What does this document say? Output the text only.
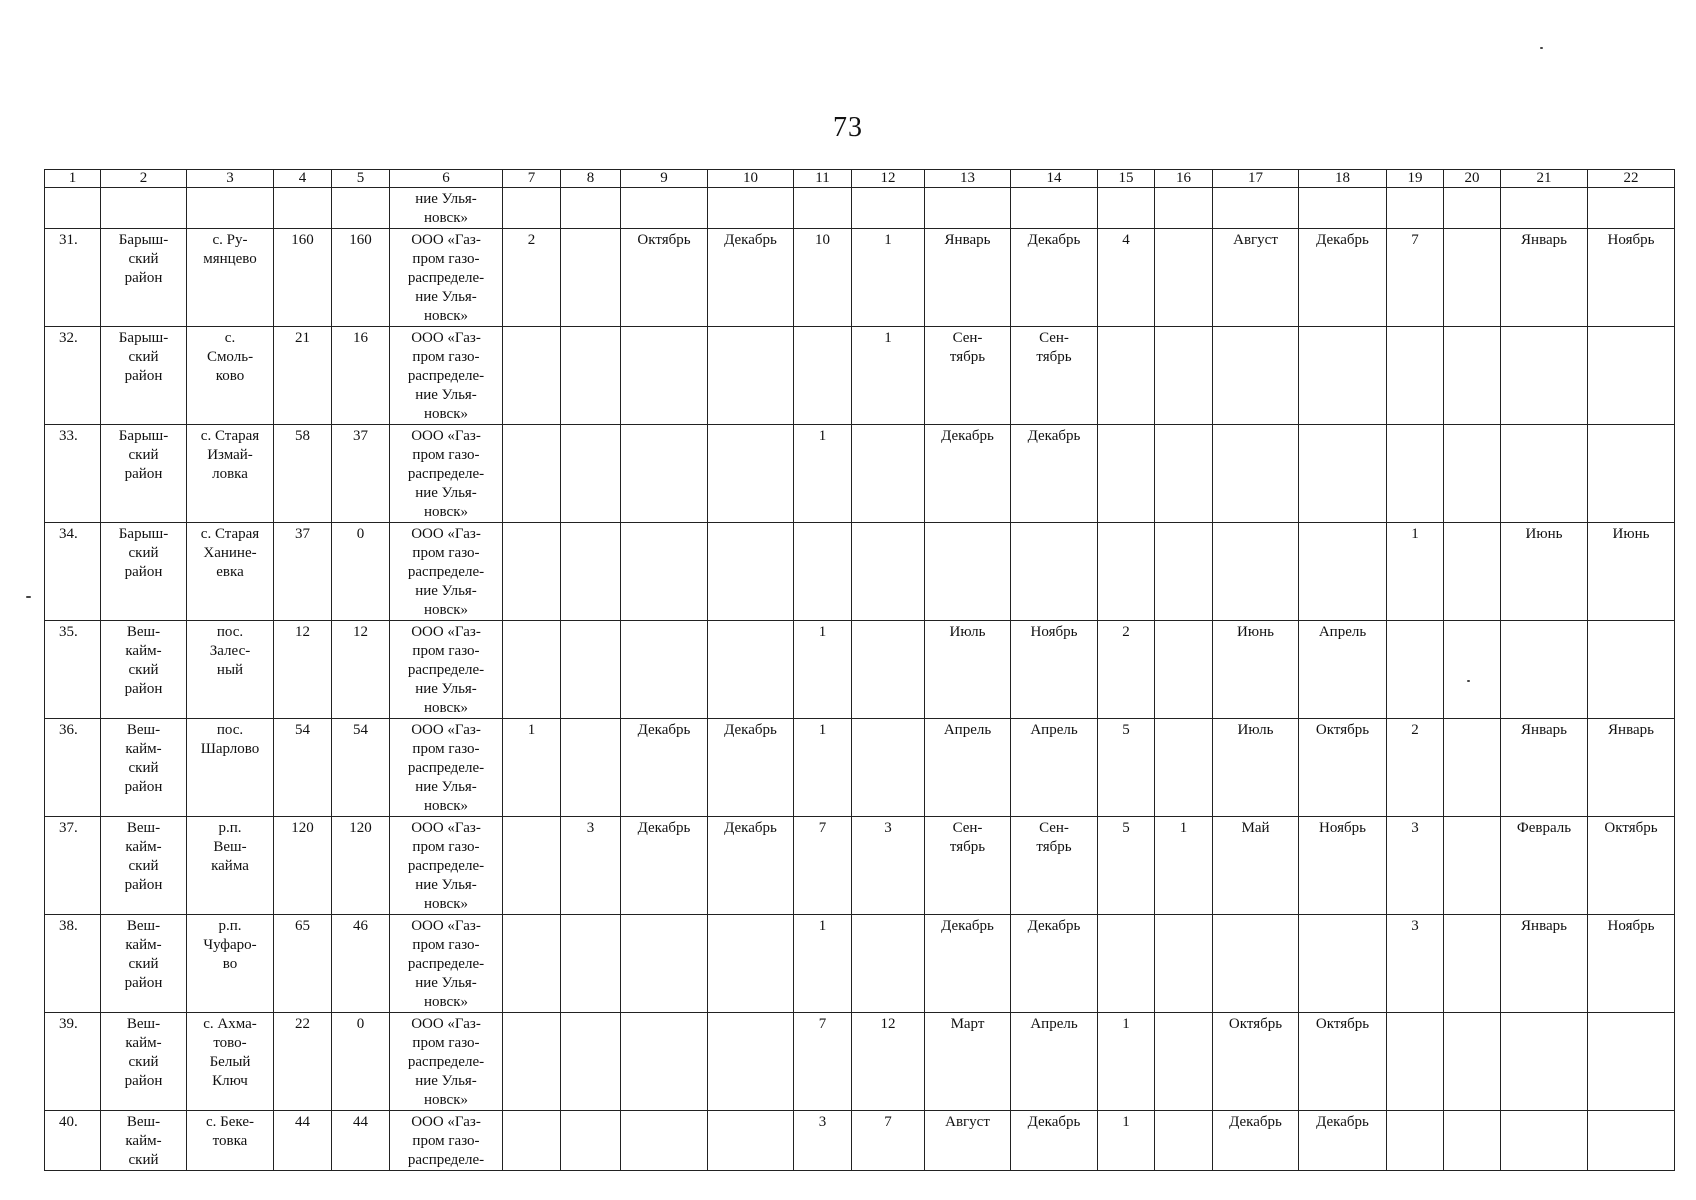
73
1	2	3	4	5	6	7	8	9	10	11	12	13	14	15	16	17	18	19	20	21	22
					ние Улья-
новск»																
31.	Барыш-
ский
район	с. Ру-
мянцево	160	160	ООО «Газ-
пром газо-
распределе-
ние Улья-
новск»	2		Октябрь	Декабрь	10	1	Январь	Декабрь	4		Август	Декабрь	7		Январь	Ноябрь
32.	Барыш-
ский
район	с.
Смоль-
ково	21	16	ООО «Газ-
пром газо-
распределе-
ние Улья-
новск»						1	Сен-
тябрь	Сен-
тябрь								
33.	Барыш-
ский
район	с. Старая
Измай-
ловка	58	37	ООО «Газ-
пром газо-
распределе-
ние Улья-
новск»					1		Декабрь	Декабрь								
34.	Барыш-
ский
район	с. Старая
Ханине-
евка	37	0	ООО «Газ-
пром газо-
распределе-
ние Улья-
новск»													1		Июнь	Июнь
35.	Веш-
кайм-
ский
район	пос.
Залес-
ный	12	12	ООО «Газ-
пром газо-
распределе-
ние Улья-
новск»					1		Июль	Ноябрь	2		Июнь	Апрель				
36.	Веш-
кайм-
ский
район	пос.
Шарлово	54	54	ООО «Газ-
пром газо-
распределе-
ние Улья-
новск»	1		Декабрь	Декабрь	1		Апрель	Апрель	5		Июль	Октябрь	2		Январь	Январь
37.	Веш-
кайм-
ский
район	р.п.
Веш-
кайма	120	120	ООО «Газ-
пром газо-
распределе-
ние Улья-
новск»		3	Декабрь	Декабрь	7	3	Сен-
тябрь	Сен-
тябрь	5	1	Май	Ноябрь	3		Февраль	Октябрь
38.	Веш-
кайм-
ский
район	р.п.
Чуфаро-
во	65	46	ООО «Газ-
пром газо-
распределе-
ние Улья-
новск»					1		Декабрь	Декабрь					3		Январь	Ноябрь
39.	Веш-
кайм-
ский
район	с. Ахма-
тово-
Белый
Ключ	22	0	ООО «Газ-
пром газо-
распределе-
ние Улья-
новск»					7	12	Март	Апрель	1		Октябрь	Октябрь				
40.	Веш-
кайм-
ский	с. Беке-
товка	44	44	ООО «Газ-
пром газо-
распределе-					3	7	Август	Декабрь	1		Декабрь	Декабрь				
